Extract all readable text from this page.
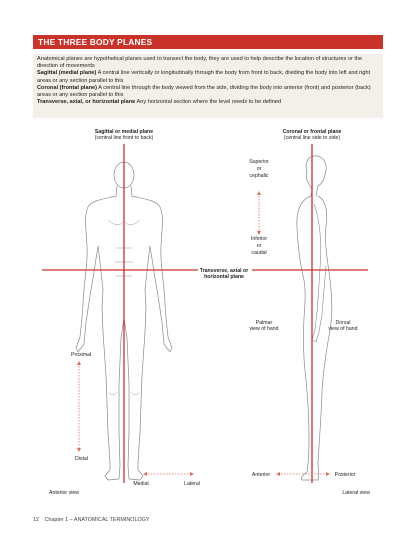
THE THREE BODY PLANES

Anatomical planes are hypothetical planes used to transect the body, they are used to help describe the location of structures or the direction of movements
Sagittal (medial plane) A central line vertically or longitudinally through the body from front to back, dividing the body into left and right areas or any section parallel to this
Coronal (frontal plane) A central line through the body viewed from the side, dividing the body into anterior (front) and posterior (back) areas or any section parallel to this
Transverse, axial, or horizontal plane Any horizontal section where the level needs to be defined

Sagittal or medial plane
(central line front to back)
Coronal or frontal plane
(central line side to side)
Superior
or
cephalic
Inferior
or
caudal
Transverse, axial or
horizontal plane
Palmar
view of hand
Dorsal
view of hand
Proximal
Distal
Medial	Lateral
Anterior	Posterior
Anterior view	Lateral view
12 Chapter 1 – ANATOMICAL TERMINOLOGY
